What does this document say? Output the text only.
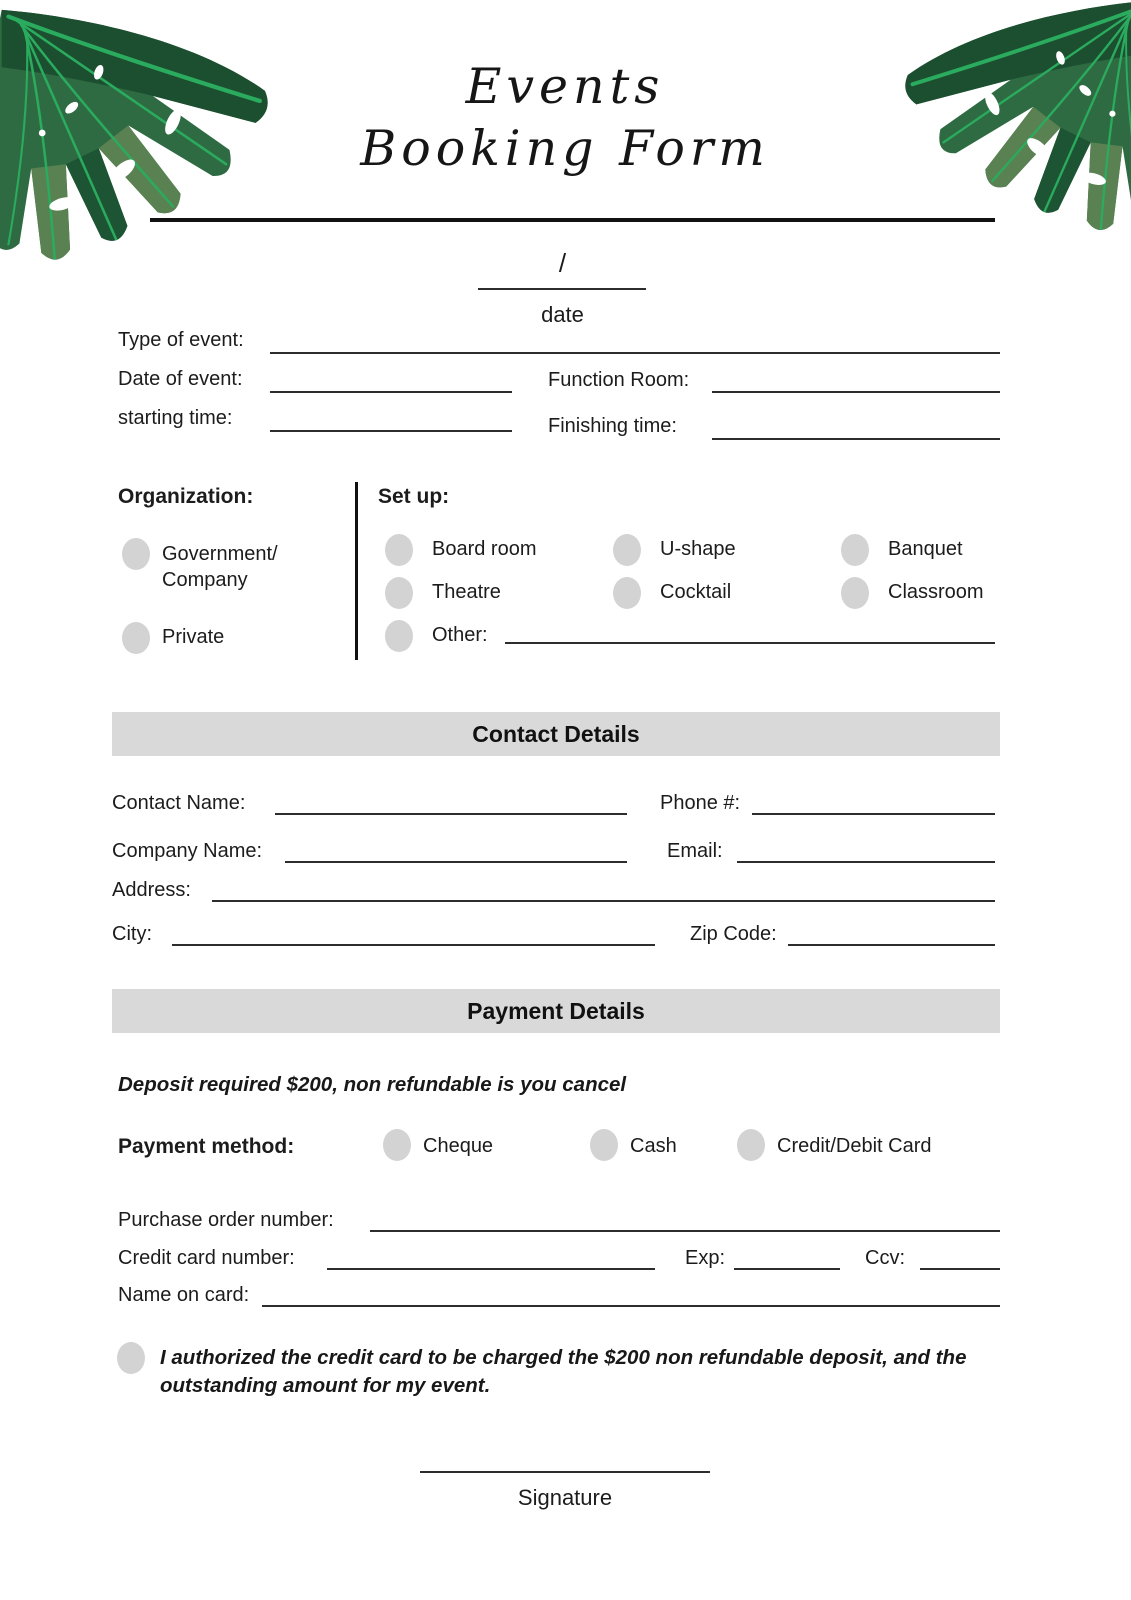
Events
Booking Form
/
date
Type of event:
Date of event:	Function Room:
starting time:	Finishing time:
Organization:
Government/
Company
Private
Set up:
Board room	U-shape	Banquet
Theatre	Cocktail	Classroom
Other:
Contact Details
Contact Name:	Phone #:
Company Name:	Email:
Address:
City:	Zip Code:
Payment Details
Deposit required $200, non refundable is you cancel
Payment method:	Cheque	Cash	Credit/Debit Card
Purchase order number:
Credit card number:	Exp:	Ccv:
Name on card:
I authorized the credit card to be charged the $200 non refundable deposit, and the
outstanding amount for my event.
Signature
